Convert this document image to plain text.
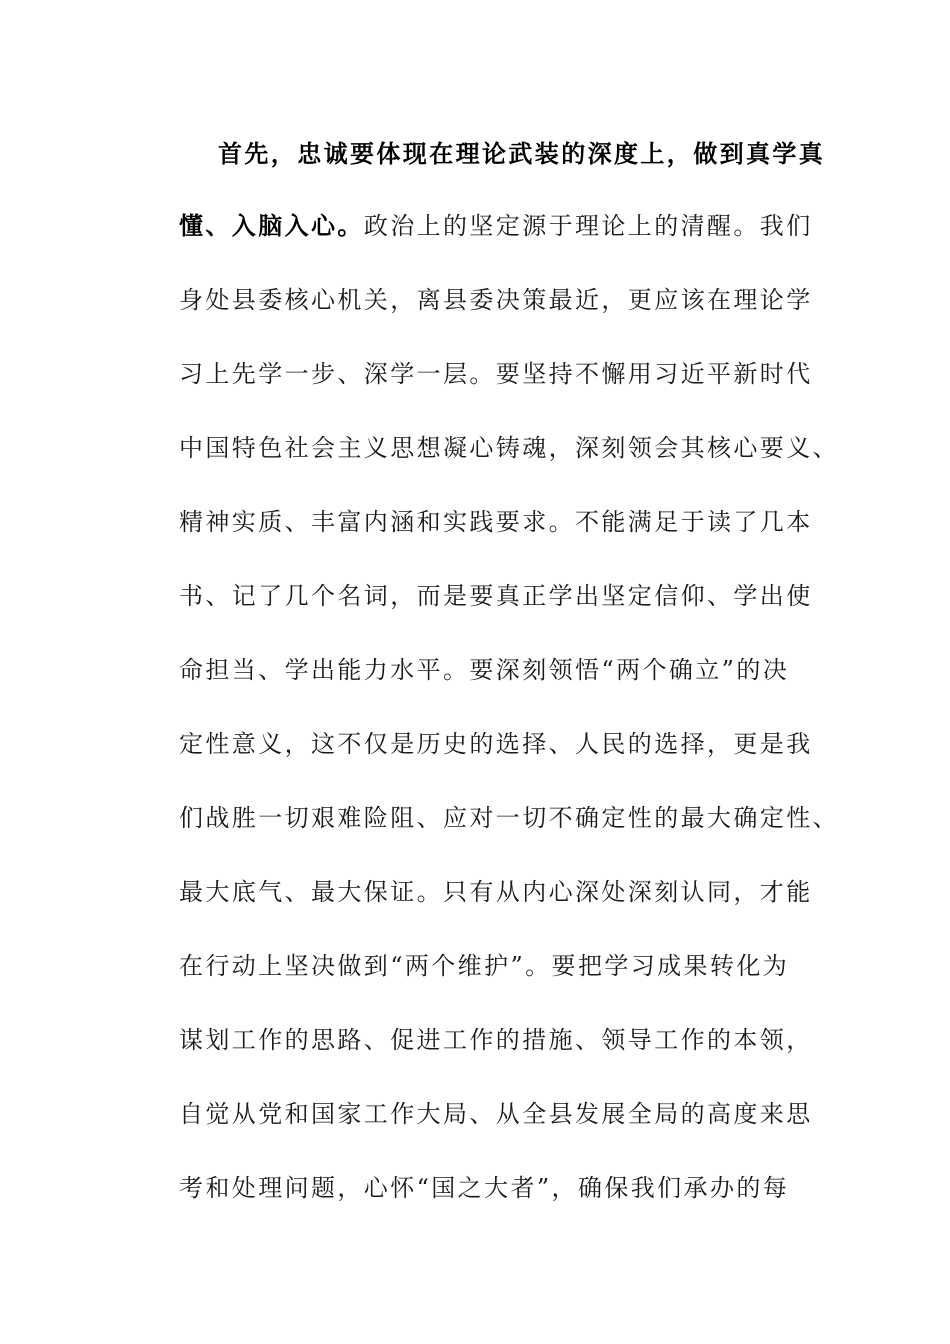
首先，忠诚要体现在理论武装的深度上，做到真学真
懂、入脑入心。政治上的坚定源于理论上的清醒。我们
身处县委核心机关，离县委决策最近，更应该在理论学
习上先学一步、深学一层。要坚持不懈用习近平新时代
中国特色社会主义思想凝心铸魂，深刻领会其核心要义、
精神实质、丰富内涵和实践要求。不能满足于读了几本
书、记了几个名词，而是要真正学出坚定信仰、学出使
命担当、学出能力水平。要深刻领悟“两个确立”的决
定性意义，这不仅是历史的选择、人民的选择，更是我
们战胜一切艰难险阻、应对一切不确定性的最大确定性、
最大底气、最大保证。只有从内心深处深刻认同，才能
在行动上坚决做到“两个维护”。要把学习成果转化为
谋划工作的思路、促进工作的措施、领导工作的本领，
自觉从党和国家工作大局、从全县发展全局的高度来思
考和处理问题，心怀“国之大者”，确保我们承办的每
